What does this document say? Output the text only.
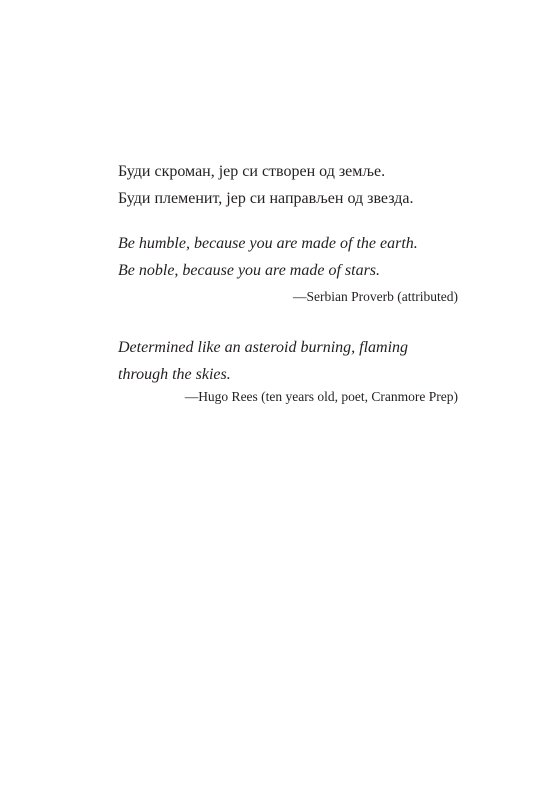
Буди скроман, јер си створен од земље.
Буди племенит, јер си направљен од звезда.
Be humble, because you are made of the earth.
Be noble, because you are made of stars.
—Serbian Proverb (attributed)
Determined like an asteroid burning, flaming
through the skies.
—Hugo Rees (ten years old, poet, Cranmore Prep)
